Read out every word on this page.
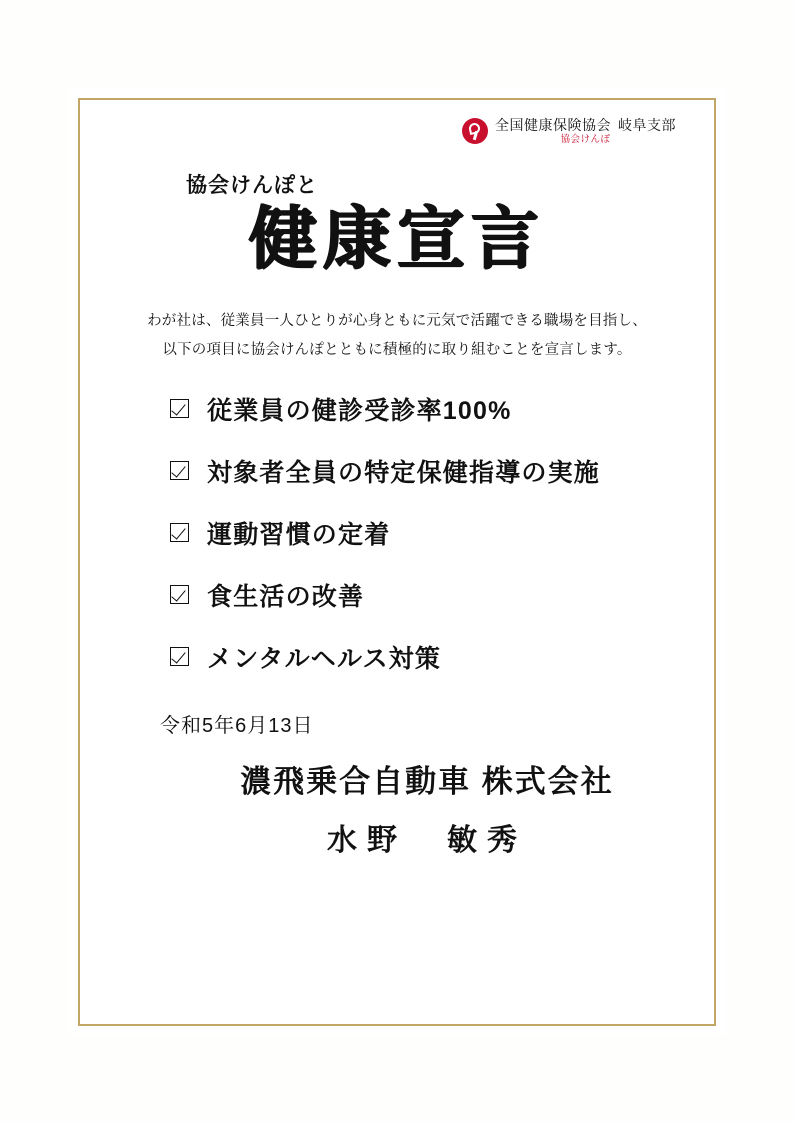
全国健康保険協会 岐阜支部
協会けんぽ
協会けんぽと
健康宣言
わが社は、従業員一人ひとりが心身ともに元気で活躍できる職場を目指し、
以下の項目に協会けんぽとともに積極的に取り組むことを宣言します。
従業員の健診受診率100%
対象者全員の特定保健指導の実施
運動習慣の定着
食生活の改善
メンタルヘルス対策
令和5年6月13日
濃飛乗合自動車 株式会社
水野　敏秀
